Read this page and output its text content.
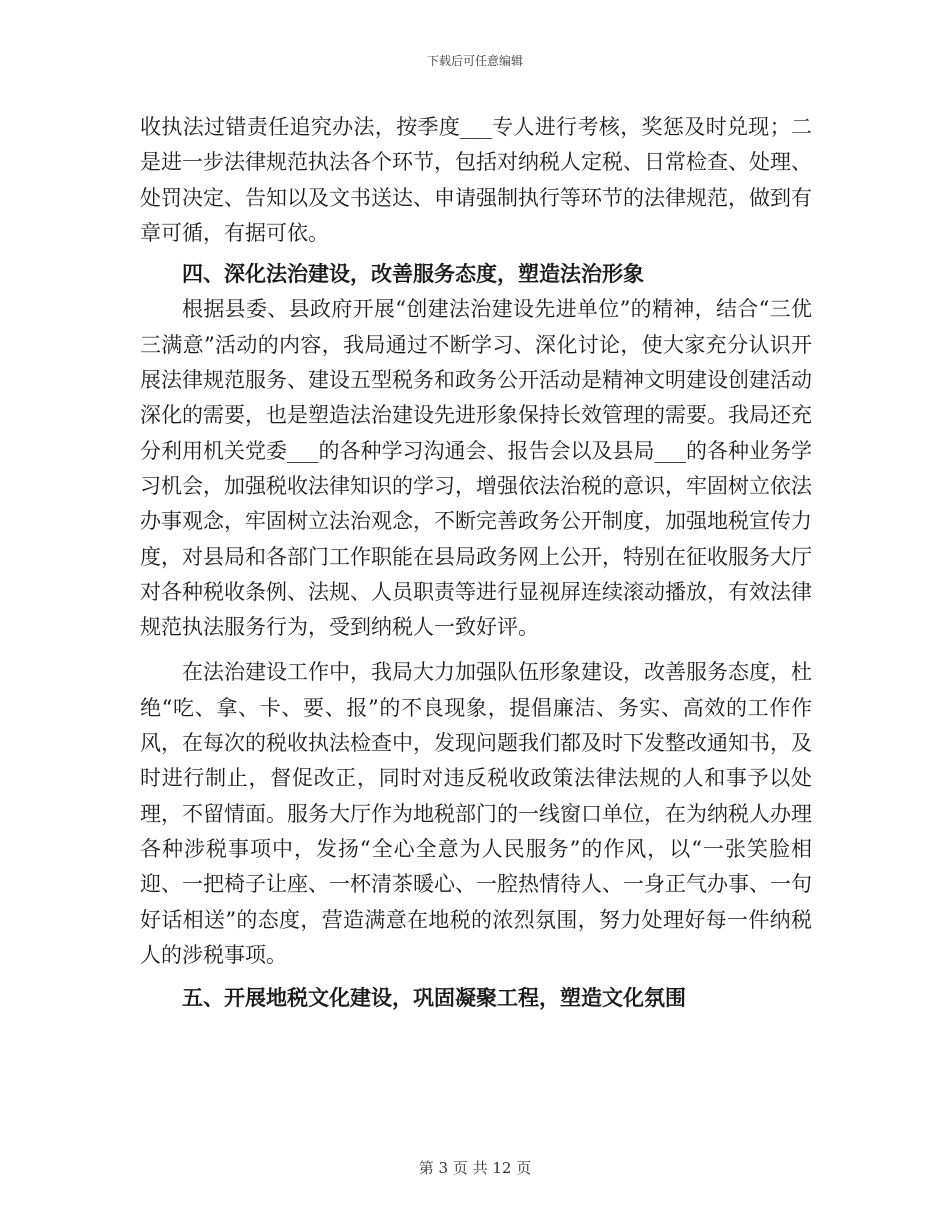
下载后可任意编辑

收执法过错责任追究办法，按季度___专人进行考核，奖惩及时兑现；二是进一步法律规范执法各个环节，包括对纳税人定税、日常检查、处理、处罚决定、告知以及文书送达、申请强制执行等环节的法律规范，做到有章可循，有据可依。

四、深化法治建设，改善服务态度，塑造法治形象

根据县委、县政府开展“创建法治建设先进单位”的精神，结合“三优三满意”活动的内容，我局通过不断学习、深化讨论，使大家充分认识开展法律规范服务、建设五型税务和政务公开活动是精神文明建设创建活动深化的需要，也是塑造法治建设先进形象保持长效管理的需要。我局还充分利用机关党委___的各种学习沟通会、报告会以及县局___的各种业务学习机会，加强税收法律知识的学习，增强依法治税的意识，牢固树立依法办事观念，牢固树立法治观念，不断完善政务公开制度，加强地税宣传力度，对县局和各部门工作职能在县局政务网上公开，特别在征收服务大厅对各种税收条例、法规、人员职责等进行显视屏连续滚动播放，有效法律规范执法服务行为，受到纳税人一致好评。

在法治建设工作中，我局大力加强队伍形象建设，改善服务态度，杜绝“吃、拿、卡、要、报”的不良现象，提倡廉洁、务实、高效的工作作风，在每次的税收执法检查中，发现问题我们都及时下发整改通知书，及时进行制止，督促改正，同时对违反税收政策法律法规的人和事予以处理，不留情面。服务大厅作为地税部门的一线窗口单位，在为纳税人办理各种涉税事项中，发扬“全心全意为人民服务”的作风，以“一张笑脸相迎、一把椅子让座、一杯清茶暖心、一腔热情待人、一身正气办事、一句好话相送”的态度，营造满意在地税的浓烈氛围，努力处理好每一件纳税人的涉税事项。

五、开展地税文化建设，巩固凝聚工程，塑造文化氛围

第 3 页 共 12 页
